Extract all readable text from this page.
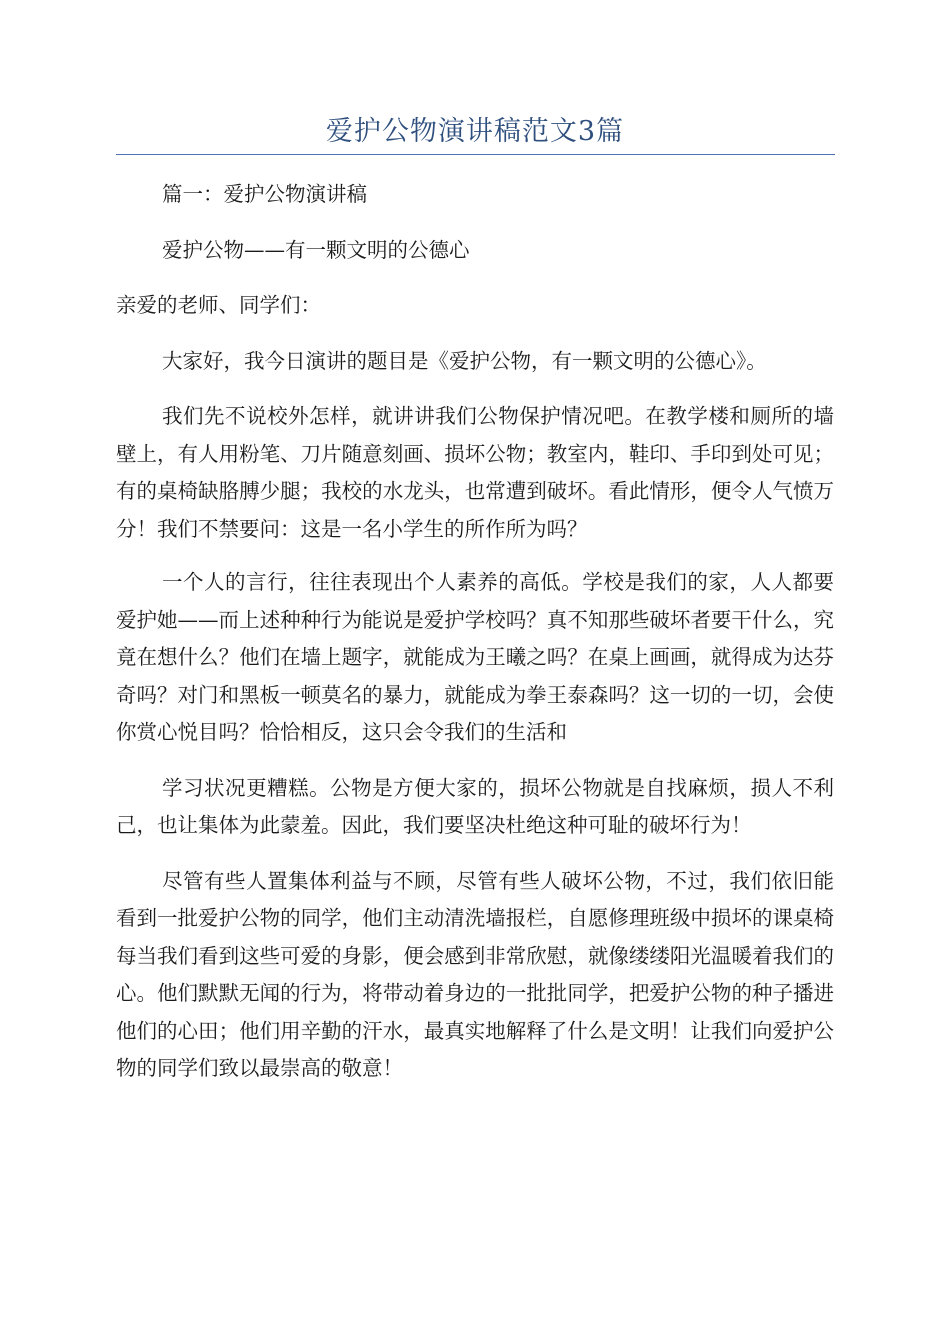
爱护公物演讲稿范文3篇

篇一：爱护公物演讲稿

爱护公物——有一颗文明的公德心

亲爱的老师、同学们：

大家好，我今日演讲的题目是《爱护公物，有一颗文明的公德心》。

我们先不说校外怎样，就讲讲我们公物保护情况吧。在教学楼和厕所的墙壁上，有人用粉笔、刀片随意刻画、损坏公物；教室内，鞋印、手印到处可见；有的桌椅缺胳膊少腿；我校的水龙头，也常遭到破坏。看此情形，便令人气愤万分！我们不禁要问：这是一名小学生的所作所为吗？

一个人的言行，往往表现出个人素养的高低。学校是我们的家，人人都要爱护她——而上述种种行为能说是爱护学校吗？真不知那些破坏者要干什么，究竟在想什么？他们在墙上题字，就能成为王曦之吗？在桌上画画，就得成为达芬奇吗？对门和黑板一顿莫名的暴力，就能成为拳王泰森吗？这一切的一切，会使你赏心悦目吗？恰恰相反，这只会令我们的生活和

学习状况更糟糕。公物是方便大家的，损坏公物就是自找麻烦，损人不利己，也让集体为此蒙羞。因此，我们要坚决杜绝这种可耻的破坏行为！

尽管有些人置集体利益与不顾，尽管有些人破坏公物，不过，我们依旧能看到一批爱护公物的同学，他们主动清洗墙报栏，自愿修理班级中损坏的课桌椅每当我们看到这些可爱的身影，便会感到非常欣慰，就像缕缕阳光温暖着我们的心。他们默默无闻的行为，将带动着身边的一批批同学，把爱护公物的种子播进他们的心田；他们用辛勤的汗水，最真实地解释了什么是文明！让我们向爱护公物的同学们致以最崇高的敬意！
